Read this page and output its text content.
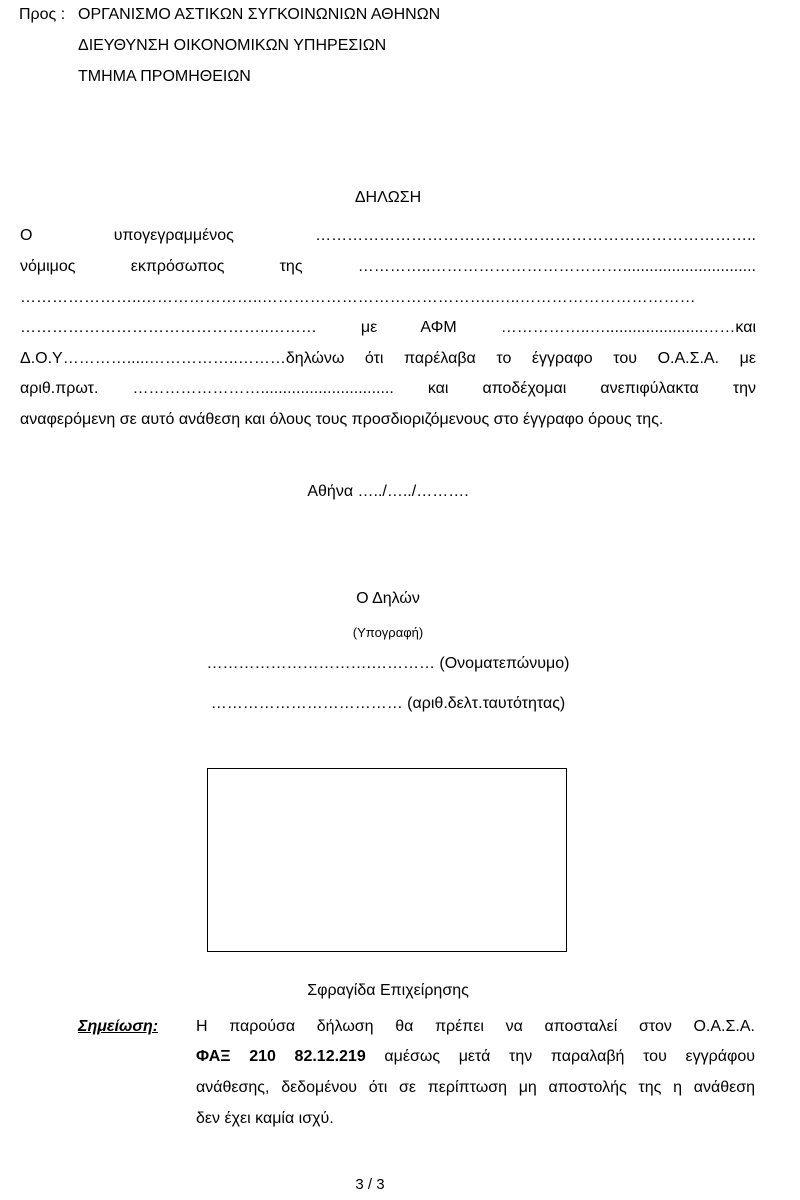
Προς : ΟΡΓΑΝΙΣΜΟ ΑΣΤΙΚΩΝ ΣΥΓΚΟΙΝΩΝΙΩΝ ΑΘΗΝΩΝ
ΔΙΕΥΘΥΝΣΗ ΟΙΚΟΝΟΜΙΚΩΝ ΥΠΗΡΕΣΙΩΝ
ΤΜΗΜΑ ΠΡΟΜΗΘΕΙΩΝ
ΔΗΛΩΣΗ
Ο	υπογεγραμμένος	………………………………………………………………………..
νόμιμος	εκπρόσωπος	της	…………..………………………………..............................
…………………..…………………..……………………………………..…..……………………………
………………………………………..………	με	ΑΦΜ	……………..…......................……και
Δ.Ο.Υ………….....……………..………δηλώνω ότι παρέλαβα το έγγραφο του Ο.Α.Σ.Α. με
αριθ.πρωτ. …………………….............................. και αποδέχομαι ανεπιφύλακτα την
αναφερόμενη σε αυτό ανάθεση και όλους τους προσδιοριζόμενους στο έγγραφο όρους της.
Αθήνα …../…../……….
Ο Δηλών
(Υπογραφή)
………………………….………… (Ονοματεπώνυμο)
……………………………… (αριθ.δελτ.ταυτότητας)
Σφραγίδα Επιχείρησης
Σημείωση: Η παρούσα δήλωση θα πρέπει να αποσταλεί στον Ο.Α.Σ.Α.
ΦΑΞ 210 82.12.219 αμέσως μετά την παραλαβή του εγγράφου
ανάθεσης, δεδομένου ότι σε περίπτωση μη αποστολής της η ανάθεση
δεν έχει καμία ισχύ.
3 / 3
